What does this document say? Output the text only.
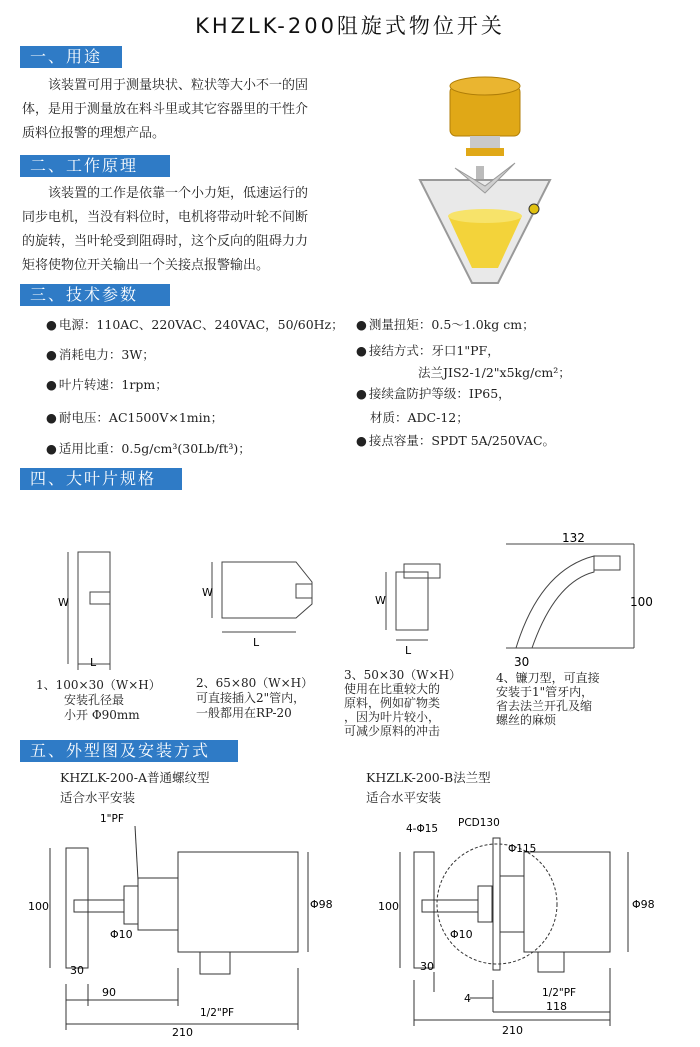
KHZLK-200阻旋式物位开关
一、用途
该装置可用于测量块状、粒状等大小不一的固
体，是用于测量放在料斗里或其它容器里的干性介
质料位报警的理想产品。
二、工作原理
该装置的工作是依靠一个小力矩，低速运行的
同步电机，当没有料位时，电机将带动叶轮不间断
的旋转，当叶轮受到阻碍时，这个反向的阻碍力力
矩将使物位开关输出一个关接点报警输出。
三、技术参数
● 电源：110AC、220VAC、240VAC，50/60Hz；
● 消耗电力：3W；
● 叶片转速：1rpm；
● 耐电压：AC1500V×1min；
● 适用比重：0.5g/cm³(30Lb/ft³)；
● 测量扭矩：0.5～1.0kg cm；
● 接结方式：牙口1"PF，
法兰JIS2-1/2"x5kg/cm²；
● 接续盒防护等级：IP65，
材质：ADC-12；
● 接点容量：SPDT 5A/250VAC。
四、大叶片规格
W
L
W
L
W
L
132
100
30
1、100×30（W×H）
安装孔径最
小开 Φ90mm
2、65×80（W×H）
可直接插入2"管内，
一般都用在RP-20
3、50×30（W×H）
使用在比重较大的
原料，例如矿物类
，因为叶片较小，
可减少原料的冲击
4、镰刀型，可直接
安装于1"管牙内，
省去法兰开孔及缩
螺丝的麻烦
五、外型图及安装方式
KHZLK-200-A普通螺纹型
适合水平安装
KHZLK-200-B法兰型
适合水平安装
1"PF
100
Φ10
30
90
1/2"PF
210
Φ98
4-Φ15 PCD130
Φ115
100
Φ10
30
4	1/2"PF
118
210
Φ98
